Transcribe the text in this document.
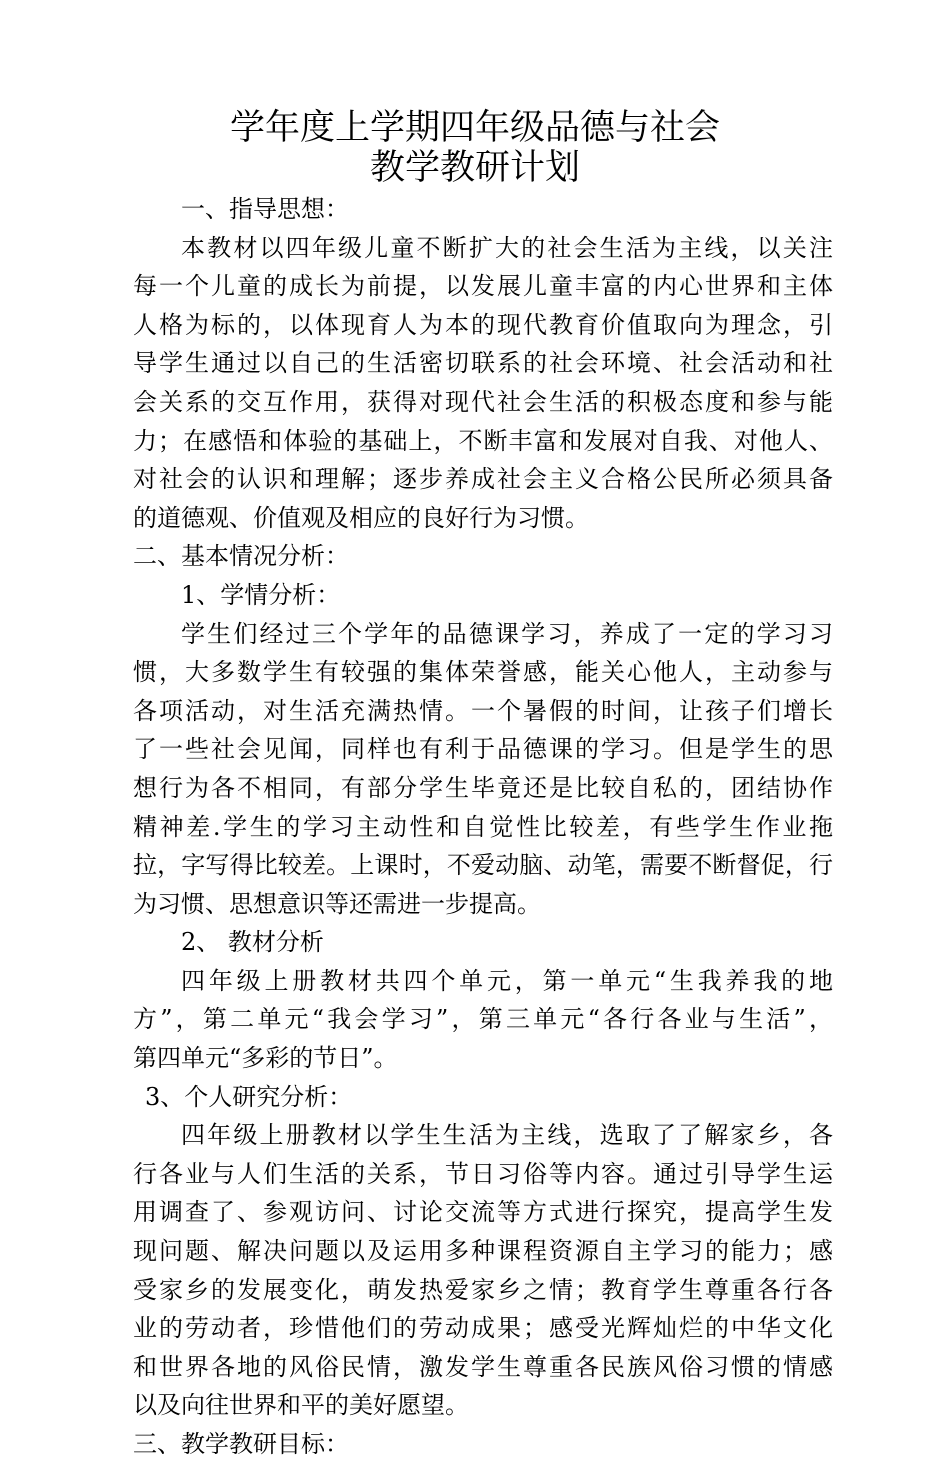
学年度上学期四年级品德与社会
教学教研计划
一、指导思想：
本教材以四年级儿童不断扩大的社会生活为主线，以关注
每一个儿童的成长为前提，以发展儿童丰富的内心世界和主体
人格为标的，以体现育人为本的现代教育价值取向为理念，引
导学生通过以自己的生活密切联系的社会环境、社会活动和社
会关系的交互作用，获得对现代社会生活的积极态度和参与能
力；在感悟和体验的基础上，不断丰富和发展对自我、对他人、
对社会的认识和理解；逐步养成社会主义合格公民所必须具备
的道德观、价值观及相应的良好行为习惯。
二、基本情况分析：
1、学情分析：
学生们经过三个学年的品德课学习，养成了一定的学习习
惯，大多数学生有较强的集体荣誉感，能关心他人，主动参与
各项活动，对生活充满热情。一个暑假的时间，让孩子们增长
了一些社会见闻，同样也有利于品德课的学习。但是学生的思
想行为各不相同，有部分学生毕竟还是比较自私的，团结协作
精神差.学生的学习主动性和自觉性比较差，有些学生作业拖
拉，字写得比较差。上课时，不爱动脑、动笔，需要不断督促，行
为习惯、思想意识等还需进一步提高。
2、 教材分析
四年级上册教材共四个单元，第一单元“生我养我的地
方”，第二单元“我会学习”，第三单元“各行各业与生活”，
第四单元“多彩的节日”。
3、个人研究分析：
四年级上册教材以学生生活为主线，选取了了解家乡，各
行各业与人们生活的关系，节日习俗等内容。通过引导学生运
用调查了、参观访问、讨论交流等方式进行探究，提高学生发
现问题、解决问题以及运用多种课程资源自主学习的能力；感
受家乡的发展变化，萌发热爱家乡之情；教育学生尊重各行各
业的劳动者，珍惜他们的劳动成果；感受光辉灿烂的中华文化
和世界各地的风俗民情，激发学生尊重各民族风俗习惯的情感
以及向往世界和平的美好愿望。
三、教学教研目标：
